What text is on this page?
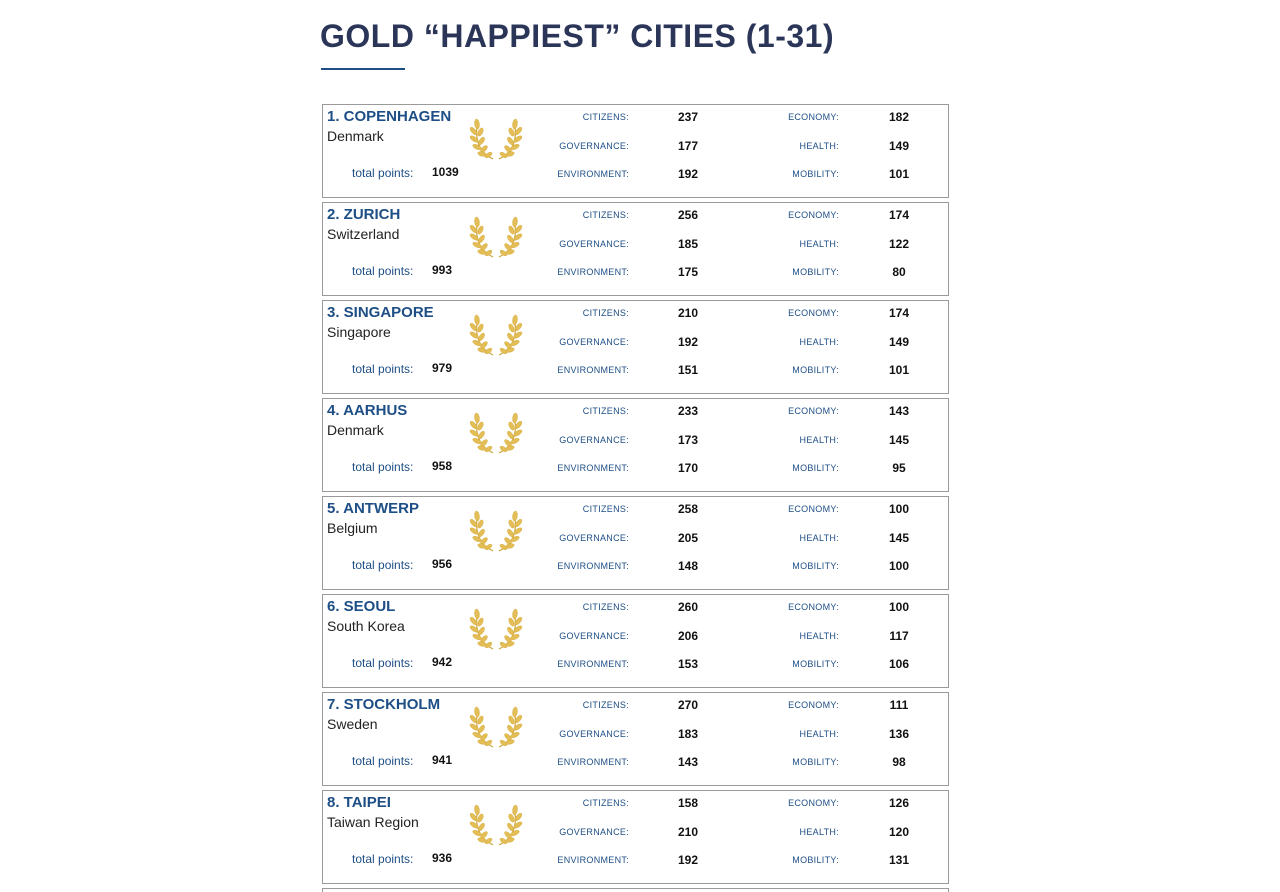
GOLD “HAPPIEST” CITIES (1-31)
1. COPENHAGEN
Denmark
total points: 1039
CITIZENS:	237
GOVERNANCE:	177
ENVIRONMENT:	192
ECONOMY:	182
HEALTH:	149
MOBILITY:	101
2. ZURICH
Switzerland
total points: 993
CITIZENS:	256
GOVERNANCE:	185
ENVIRONMENT:	175
ECONOMY:	174
HEALTH:	122
MOBILITY:	80
3. SINGAPORE
Singapore
total points: 979
CITIZENS:	210
GOVERNANCE:	192
ENVIRONMENT:	151
ECONOMY:	174
HEALTH:	149
MOBILITY:	101
4. AARHUS
Denmark
total points: 958
CITIZENS:	233
GOVERNANCE:	173
ENVIRONMENT:	170
ECONOMY:	143
HEALTH:	145
MOBILITY:	95
5. ANTWERP
Belgium
total points: 956
CITIZENS:	258
GOVERNANCE:	205
ENVIRONMENT:	148
ECONOMY:	100
HEALTH:	145
MOBILITY:	100
6. SEOUL
South Korea
total points: 942
CITIZENS:	260
GOVERNANCE:	206
ENVIRONMENT:	153
ECONOMY:	100
HEALTH:	117
MOBILITY:	106
7. STOCKHOLM
Sweden
total points: 941
CITIZENS:	270
GOVERNANCE:	183
ENVIRONMENT:	143
ECONOMY:	111
HEALTH:	136
MOBILITY:	98
8. TAIPEI
Taiwan Region
total points: 936
CITIZENS:	158
GOVERNANCE:	210
ENVIRONMENT:	192
ECONOMY:	126
HEALTH:	120
MOBILITY:	131
